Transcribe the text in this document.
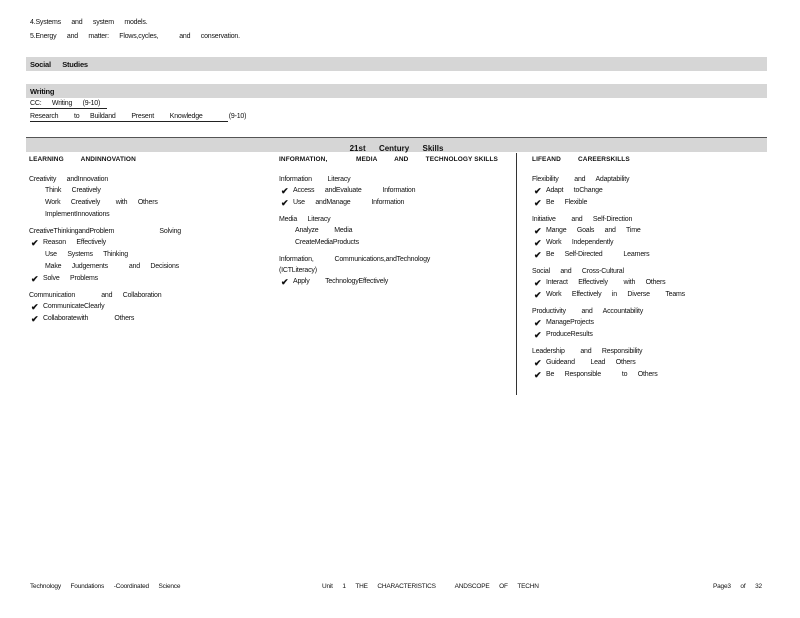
4.Systems      and      system      models.
5.Energy      and      matter:      Flows,cycles,            and      conservation.
Social      Studies
Writing
CC:      Writing      (9-10)
Research         to      Buildand         Present         Knowledge               (9-10)
21st      Century      Skills
LEARNING         ANDINNOVATION
Creativity      andInnovation
Think      Creatively
Work      Creatively         with      Others
ImplementInnovations
CreativeThinkingandProblem                          Solving
✔ Reason      Effectively
Use      Systems      Thinking
Make      Judgements            and      Decisions
✔ Solve      Problems
Communication               and      Collaboration
✔ CommunicateClearly
✔ Collaboratewith               Others
INFORMATION,               MEDIA         AND         TECHNOLOGY SKILLS
Information         Literacy
✔ Access      andEvaluate            Information
✔ Use      andManage            Information
Media      Literacy
Analyze         Media
CreateMediaProducts
Information,            Communications,andTechnology
(ICTLiteracy)
✔ Apply         TechnologyEffectively
LIFEAND         CAREERSKILLS
Flexibility         and      Adaptability
✔ Adapt      toChange
✔ Be      Flexible
Initiative         and      Self-Direction
✔ Mange      Goals      and      Time
✔ Work      Independently
✔ Be      Self-Directed            Learners
Social      and      Cross-Cultural
✔ Interact      Effectively         with      Others
✔ Work      Effectively      in      Diverse         Teams
Productivity         and      Accountability
✔ ManageProjects
✔ ProduceResults
Leadership         and      Responsibility
✔ Guideand         Lead      Others
✔ Be      Responsible            to      Others
Technology      Foundations      -Coordinated      Science	Unit      1      THE      CHARACTERISTICS            ANDSCOPE      OF      TECHN	Page3      of      32
